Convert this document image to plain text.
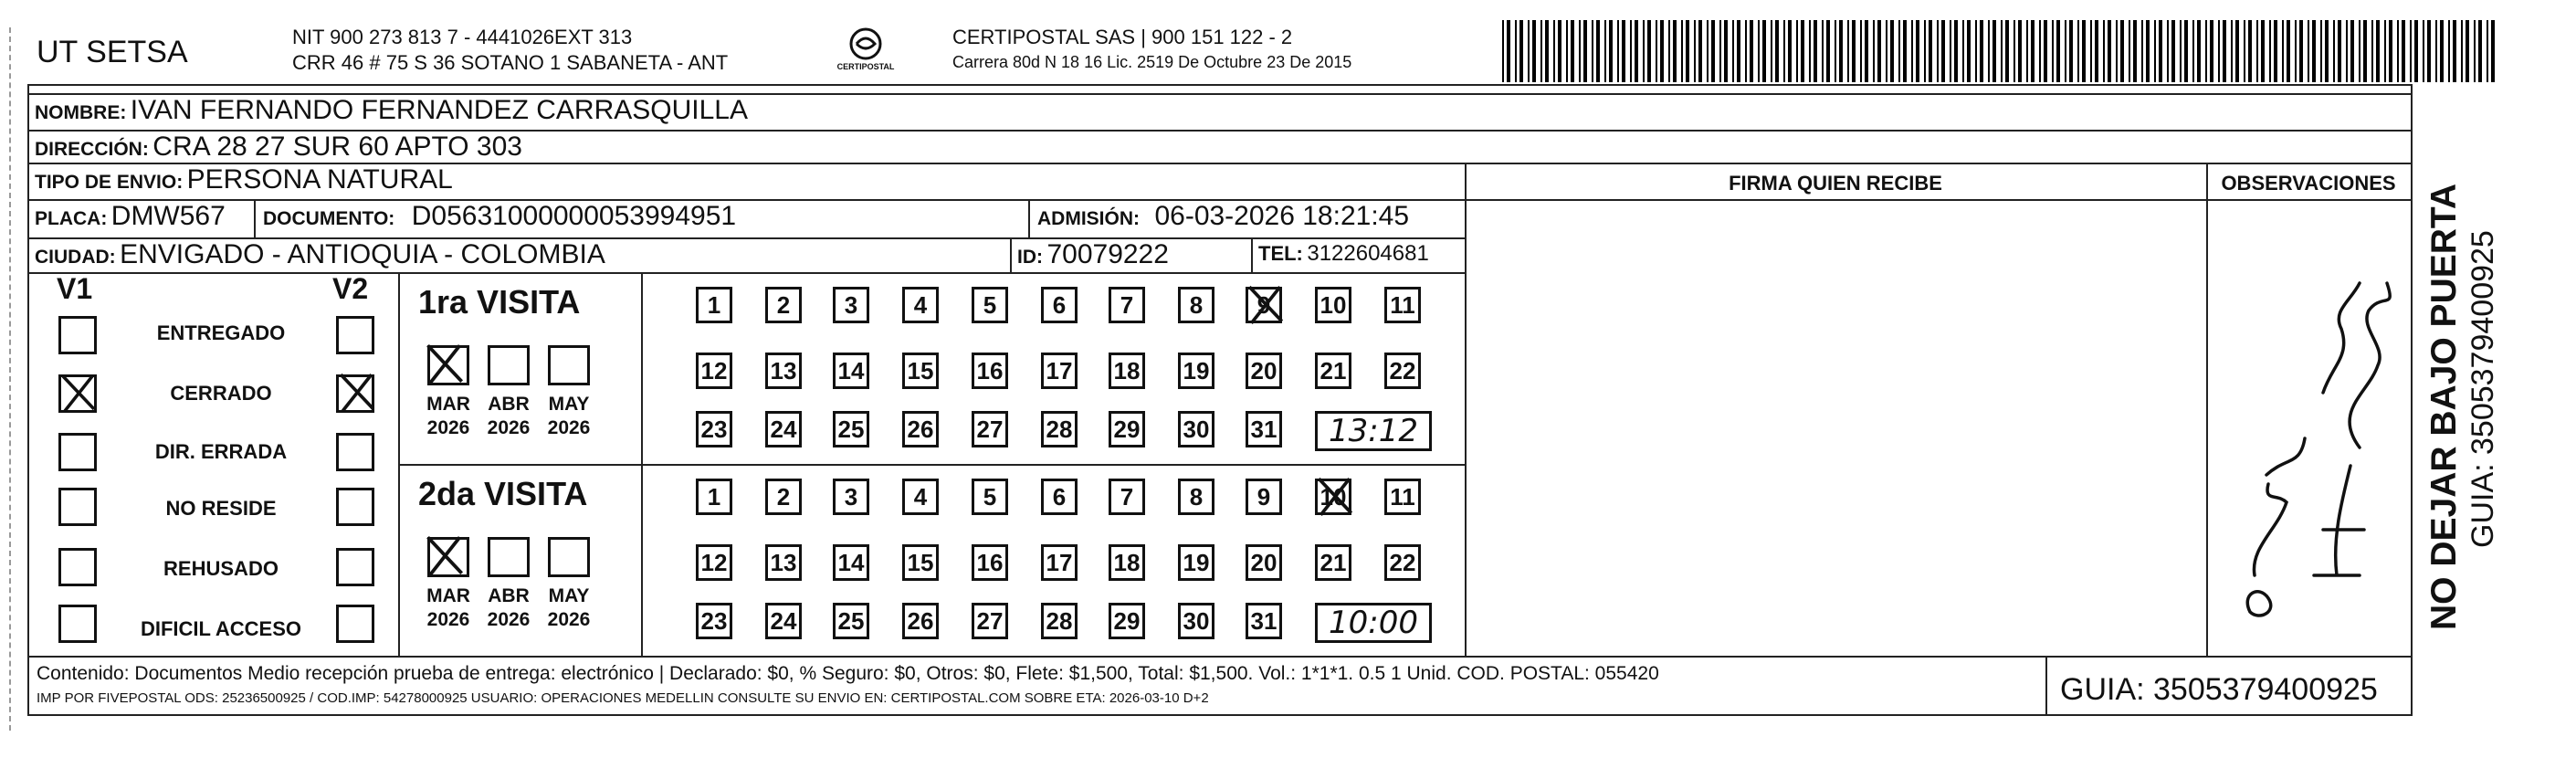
UT SETSA	NIT 900 273 813 7 - 4441026EXT 313
CRR 46 # 75 S 36 SOTANO 1 SABANETA - ANT	CERTIPOSTAL
CERTIPOSTAL SAS | 900 151 122 - 2
Carrera 80d N 18 16 Lic. 2519 De Octubre 23 De 2015
NOMBRE: IVAN FERNANDO FERNANDEZ CARRASQUILLA
DIRECCIÓN: CRA 28 27 SUR 60 APTO 303
FIRMA QUIEN RECIBE	OBSERVACIONES
TIPO DE ENVIO: PERSONA NATURAL
PLACA: DMW567 DOCUMENTO: D05631000000053994951	ADMISIÓN: 06-03-2026 18:21:45
CIUDAD: ENVIGADO - ANTIOQUIA - COLOMBIA	ID: 70079222	TEL: 3122604681
V1	V2
ENTREGADO
CERRADO
DIR. ERRADA
NO RESIDE
REHUSADO
DIFICIL ACCESO
1ra VISITA
MAR
2026
ABR
2026
MAY
2026
1	2	3	4	5	6	7	8	9	10 11
12 13 14 15 16 17 18 19 20 21 22
23 24 25 26 27 28 29 30 31	13:12
2da VISITA
MAR
2026
ABR
2026
MAY
2026
1	2	3	4	5	6	7	8	9	10 11
12 13 14 15 16 17 18 19 20 21 22
23 24 25 26 27 28 29 30 31	10:00
Contenido: Documentos Medio recepción prueba de entrega: electrónico | Declarado: $0, % Seguro: $0, Otros: $0, Flete: $1,500, Total: $1,500. Vol.: 1*1*1. 0.5 1 Unid. COD. POSTAL: 055420
IMP POR FIVEPOSTAL ODS: 25236500925 / COD.IMP: 54278000925 USUARIO: OPERACIONES MEDELLIN CONSULTE SU ENVIO EN: CERTIPOSTAL.COM SOBRE ETA: 2026-03-10 D+2	GUIA: 3505379400925
NO DEJAR BAJO PUERTA GUIA: 3505379400925
